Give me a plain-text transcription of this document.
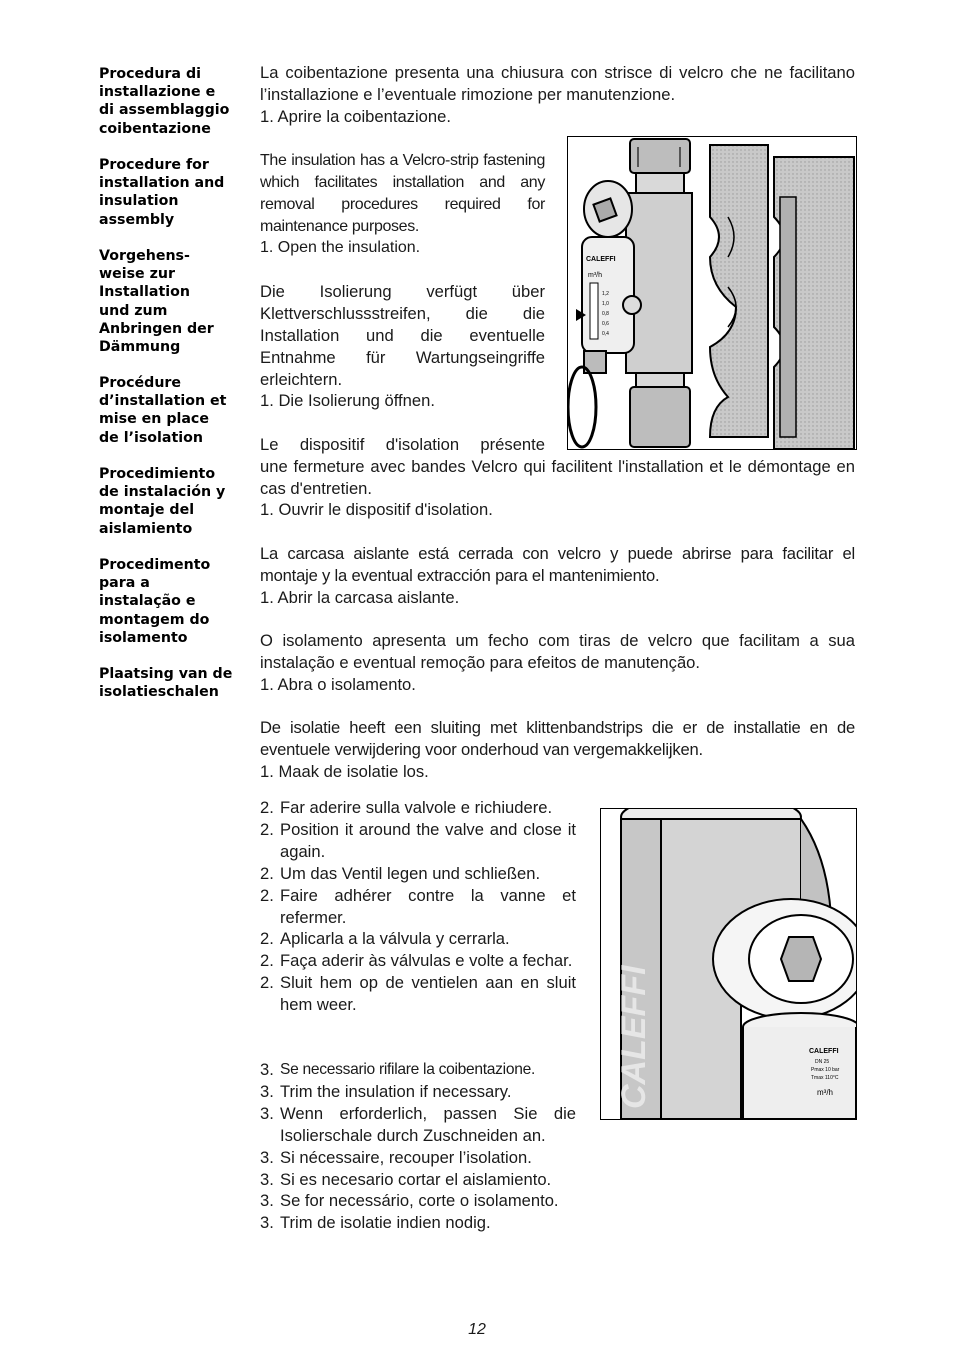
Procedura di
installazione e
di assemblaggio
coibentazione
Procedure for
installation and
insulation
assembly
Vorgehens-
weise zur
Installation
und zum
Anbringen der
Dämmung
Procédure
d’installation et
mise en place
de l’isolation
Procedimiento
de instalación y
montaje del
aislamiento
Procedimento
para a
instalação e
montagem do
isolamento
Plaatsing van de
isolatieschalen

La coibentazione presenta una chiusura con strisce di velcro che ne facilitano l’installazione e l’eventuale rimozione per manutenzione.

1. Aprire la coibentazione.

The insulation has a Velcro-strip fastening which facilitates installation and any removal procedures required for maintenance purposes.

1. Open the insulation.

Die Isolierung verfügt über Klettverschlussstreifen, die die Installation und die eventuelle Entnahme für Wartungseingriffe erleichtern.

1. Die Isolierung öffnen.
Le dispositif d'isolation présente

une fermeture avec bandes Velcro qui facilitent l'installation et le démontage en cas d'entretien.

1. Ouvrir le dispositif d'isolation.

La carcasa aislante está cerrada con velcro y puede abrirse para facilitar el montaje y la eventual extracción para el mantenimiento.

1. Abrir la carcasa aislante.

O isolamento apresenta um fecho com tiras de velcro que facilitam a sua instalação e eventual remoção para efeitos de manutenção.

1. Abra o isolamento.

De isolatie heeft een sluiting met klittenbandstrips die er de installatie en de eventuele verwijdering voor onderhoud van vergemakkelijken.

1. Maak de isolatie los.
2. Far aderire sulla valvole e richiudere.
2. Position it around the valve and close it again.
2. Um das Ventil legen und schließen.
2. Faire adhérer contre la vanne et refermer.
2. Aplicarla a la válvula y cerrarla.
2. Faça aderir às válvulas e volte a fechar.
2. Sluit hem op de ventielen aan en sluit hem weer.
3. Se necessario rifilare la coibentazione.
3. Trim the insulation if necessary.
3. Wenn erforderlich, passen Sie die Isolierschale durch Zuschneiden an.
3. Si nécessaire, recouper l’isolation.
3. Si es necesario cortar el aislamiento.
3. Se for necessário, corte o isolamento.
3. Trim de isolatie indien nodig.
CALEFFI
m³/h
1,2
1,0
0,8
0,6
0,4
CALEFFI	CALEFFI
DN 25
Pmax 10 bar
Tmax 110°C
m³/h
12
